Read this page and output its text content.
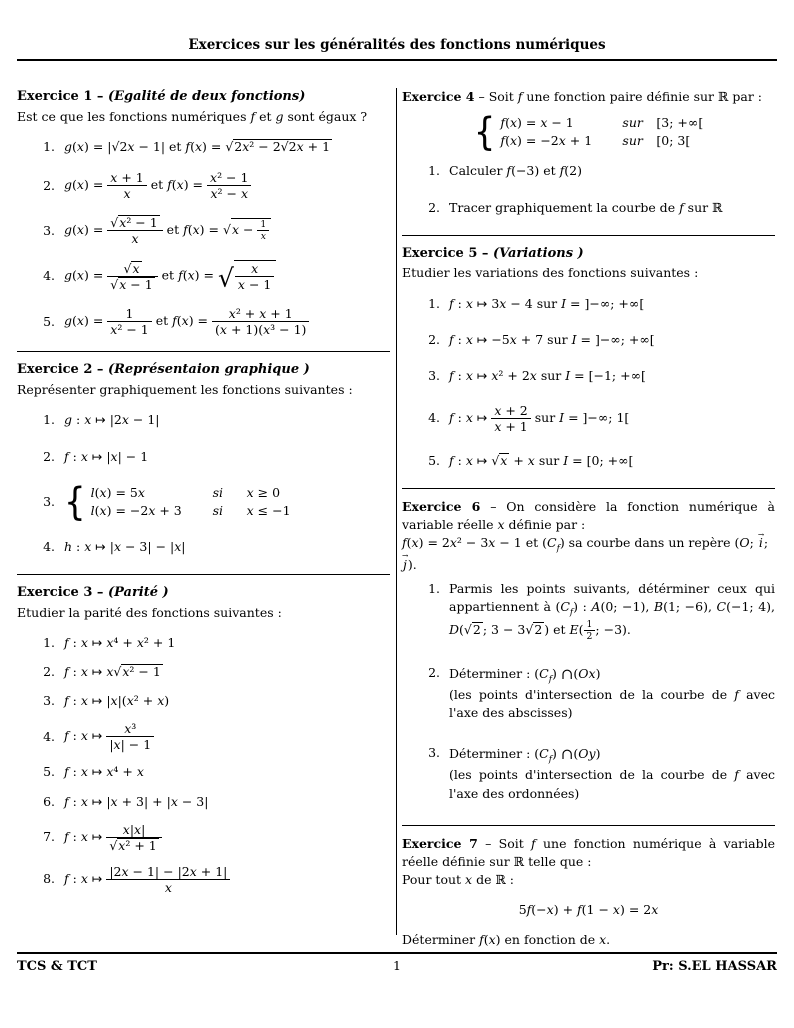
Exercices sur les généralités des fonctions numériques
Exercice 1 – (Egalité de deux fonctions)

Est ce que les fonctions numériques f et g sont égaux ?

1. g(x) = |√2x − 1| et f(x) = √2x² − 2√2x + 1
2. $g(x) = \frac{x + 1}{x}$ et $f(x) = \frac{\text{x² − 1}}{\text{x² − x}}$
3. $g(x) = \frac{\text{√x² − 1}}{x}$ et $f(x) = √x - \frac{1}{x}$
4. $g(x) = \frac{√x}{√x - 1}$ et f(x) = √ $\frac{x}{x - 1}$
5. $g(x) = \frac{1}{\text{x² − 1}}$ et $f(x) = \frac{\text{x² + x + 1}}{\text{(x + 1)(x³ − 1)}}$
Exercice 2 – (Représentaion graphique )

Représenter graphiquement les fonctions suivantes :

1. g : x ↦ |2x − 1|
2. f : x ↦ |x| − 1
3. { l(x) = 5x	si	x ≥ 0
l(x) = −2x + 3	si	x ≤ −1
4. h : x ↦ |x − 3| − |x|
Exercice 3 – (Parité )

Etudier la parité des fonctions suivantes :

1. f : x ↦ x⁴ + x² + 1
2. f : x ↦ x√x² − 1
3. f : x ↦ |x|(x² + x)
4. f : x ↦ $\frac{\text{x³}}{|x| - 1}$
5. f : x ↦ x⁴ + x
6. f : x ↦ |x + 3| + |x − 3|
7. f : x ↦ $\frac{x|x|}{\text{√x² + 1}}$
8. f : x ↦ $\frac{|2x - 1| - |2x + 1|}{x}$

Exercice 4 – Soit f une fonction paire définie sur ℝ par :

{ f(x) = x − 1	sur	[3; +∞[
f(x) = −2x + 1	sur	[0; 3[
1. Calculer f(−3) et f(2)
2. Tracer graphiquement la courbe de f sur ℝ
Exercice 5 – (Variations )

Etudier les variations des fonctions suivantes :

1. f : x ↦ 3x − 4 sur I = ]−∞; +∞[
2. f : x ↦ −5x + 7 sur I = ]−∞; +∞[
3. f : x ↦ x² + 2x sur I = [−1; +∞[
4. f : x ↦ $\frac{x + 2}{x + 1}$ sur I = ]−∞; 1[
5. f : x ↦ √x + x sur I = [0; +∞[

Exercice 6 – On considère la fonction numérique à variable réelle x définie par :

f(x) = 2x² − 3x − 1 et $(C_f)$ sa courbe dans un repère (O;
→
i;
→
j).

1. Parmis les points suivants, détérminer ceux qui appartiennent à $(C_f)$ : A(0; −1), B(1; −6), C(−1; 4), D(√2 ; 3 − 3√2 ) et $E( \frac{1}{2}$ ; −3).
2. Déterminer : $(C_f)$ ∩(Ox)
(les points d'intersection de la courbe de f avec l'axe des abscisses)
3. Déterminer : $(C_f)$ ∩(Oy)
(les points d'intersection de la courbe de f avec l'axe des ordonnées)

Exercice 7 – Soit f une fonction numérique à variable réelle définie sur ℝ telle que :

Pour tout x de ℝ :

5f(−x) + f(1 − x) = 2x

Déterminer f(x) en fonction de x.

TCS & TCT	1	Pr: S.EL HASSAR
